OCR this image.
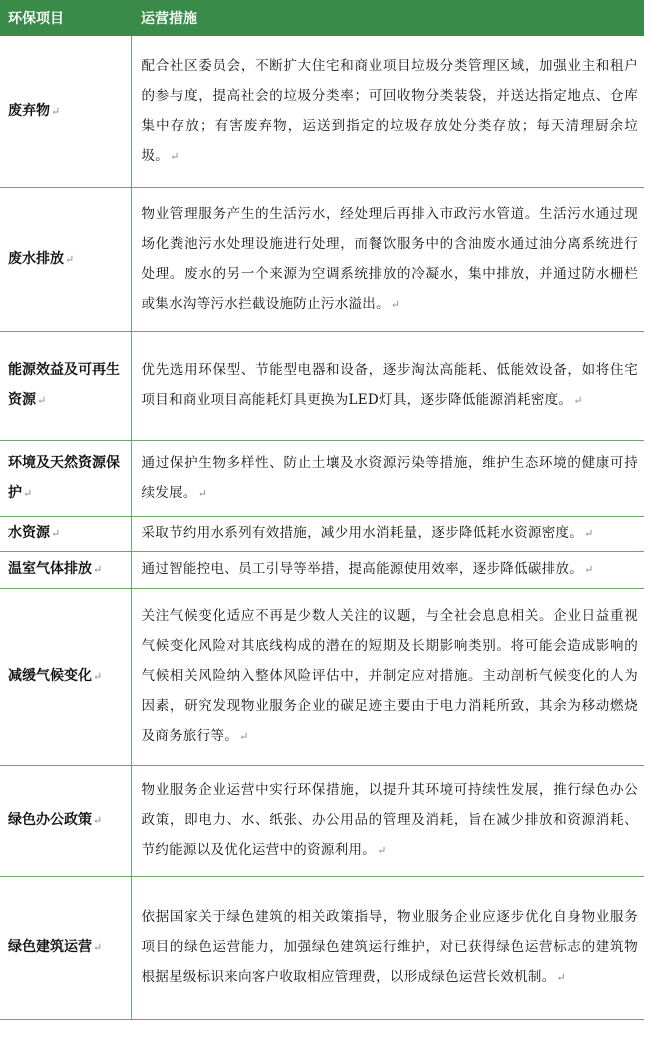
环保项目	运营措施
废弃物↵	配合社区委员会，不断扩大住宅和商业项目垃圾分类管理区域，加强业主和租户的参与度，提高社会的垃圾分类率；可回收物分类装袋，并送达指定地点、仓库集中存放；有害废弃物，运送到指定的垃圾存放处分类存放；每天清理厨余垃圾。↵
废水排放↵	物业管理服务产生的生活污水，经处理后再排入市政污水管道。生活污水通过现场化粪池污水处理设施进行处理，而餐饮服务中的含油废水通过油分离系统进行处理。废水的另一个来源为空调系统排放的冷凝水，集中排放，并通过防水栅栏或集水沟等污水拦截设施防止污水溢出。↵
能源效益及可再生资源↵	优先选用环保型、节能型电器和设备，逐步淘汰高能耗、低能效设备，如将住宅项目和商业项目高能耗灯具更换为LED灯具，逐步降低能源消耗密度。↵
环境及天然资源保护↵	通过保护生物多样性、防止土壤及水资源污染等措施，维护生态环境的健康可持续发展。↵
水资源↵	采取节约用水系列有效措施，减少用水消耗量，逐步降低耗水资源密度。↵
温室气体排放↵	通过智能控电、员工引导等举措，提高能源使用效率，逐步降低碳排放。↵
减缓气候变化↵	关注气候变化适应不再是少数人关注的议题，与全社会息息相关。企业日益重视气候变化风险对其底线构成的潜在的短期及长期影响类别。将可能会造成影响的气候相关风险纳入整体风险评估中，并制定应对措施。主动剖析气候变化的人为因素，研究发现物业服务企业的碳足迹主要由于电力消耗所致，其余为移动燃烧及商务旅行等。↵
绿色办公政策↵	物业服务企业运营中实行环保措施，以提升其环境可持续性发展，推行绿色办公政策，即电力、水、纸张、办公用品的管理及消耗，旨在减少排放和资源消耗、节约能源以及优化运营中的资源利用。↵
绿色建筑运营↵	依据国家关于绿色建筑的相关政策指导，物业服务企业应逐步优化自身物业服务项目的绿色运营能力，加强绿色建筑运行维护，对已获得绿色运营标志的建筑物根据星级标识来向客户收取相应管理费，以形成绿色运营长效机制。↵
